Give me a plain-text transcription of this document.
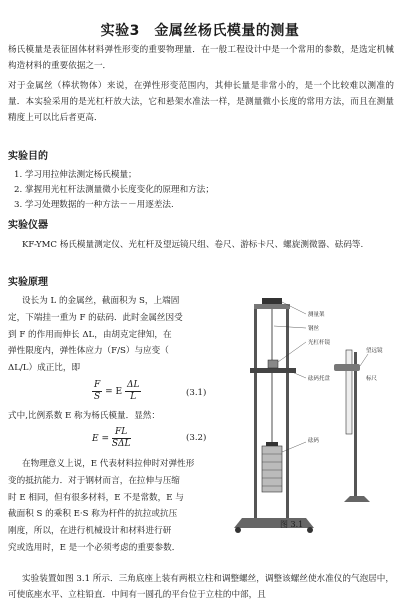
实验3　金属丝杨氏模量的测量

杨氏模量是表征固体材料弹性形变的重要物理量．在一般工程设计中是一个常用的参数，是选定机械构造材料的重要依据之一．

对于金属丝（棒状物体）来说，在弹性形变范围内，其伸长量是非常小的，是一个比较难以测准的量．本实验采用的是光杠杆放大法，它和悬架水准法一样，是测量微小长度的常用方法，而且在测量精度上可以比后者更高．

实验目的
1. 学习用拉伸法测定杨氏模量；
2. 掌握用光杠杆法测量微小长度变化的原理和方法；
3. 学习处理数据的一种方法－－用逐差法.
实验仪器

KF-YMC 杨氏模量测定仪、光杠杆及望远镜尺组、卷尺、游标卡尺、螺旋测微器、砝码等.

实验原理
设长为 L 的金属丝，截面积为 S，上端固
定，下端挂一重为 F 的砝码．此时金属丝因受
到 F 的作用而伸长 ΔL，由胡克定律知，在
弹性限度内，弹性体应力（F/S）与应变（
ΔL/L）成正比，即
$\frac{F}{S} = E \frac{\Delta L}{L}$	(3.1)
式中,比例系数 E 称为杨氏模量．显然：
$E = \frac{FL}{\text{SΔL}}$	(3.2)
在物理意义上说，E 代表材料拉伸时对弹性形
变的抵抗能力．对于钢材而言，在拉伸与压缩
时 E 相同，但有很多材料，E 不是常数，E 与
截面积 S 的乘积 E·S 称为杆件的抗拉或抗压
刚度，所以，在进行机械设计和材料进行研
究或选用时，E 是一个必须考虑的重要参数．

实验装置如图 3.1 所示．三角底座上装有两根立柱和调整螺丝，调整该螺丝使水准仪的气泡居中，可使底座水平、立柱铅直．中间有一圆孔的平台位于立柱的中部，且

测量架
钢丝
光杠杆镜
砝码托盘
望远镜
标尺
砝码
图 3.1
